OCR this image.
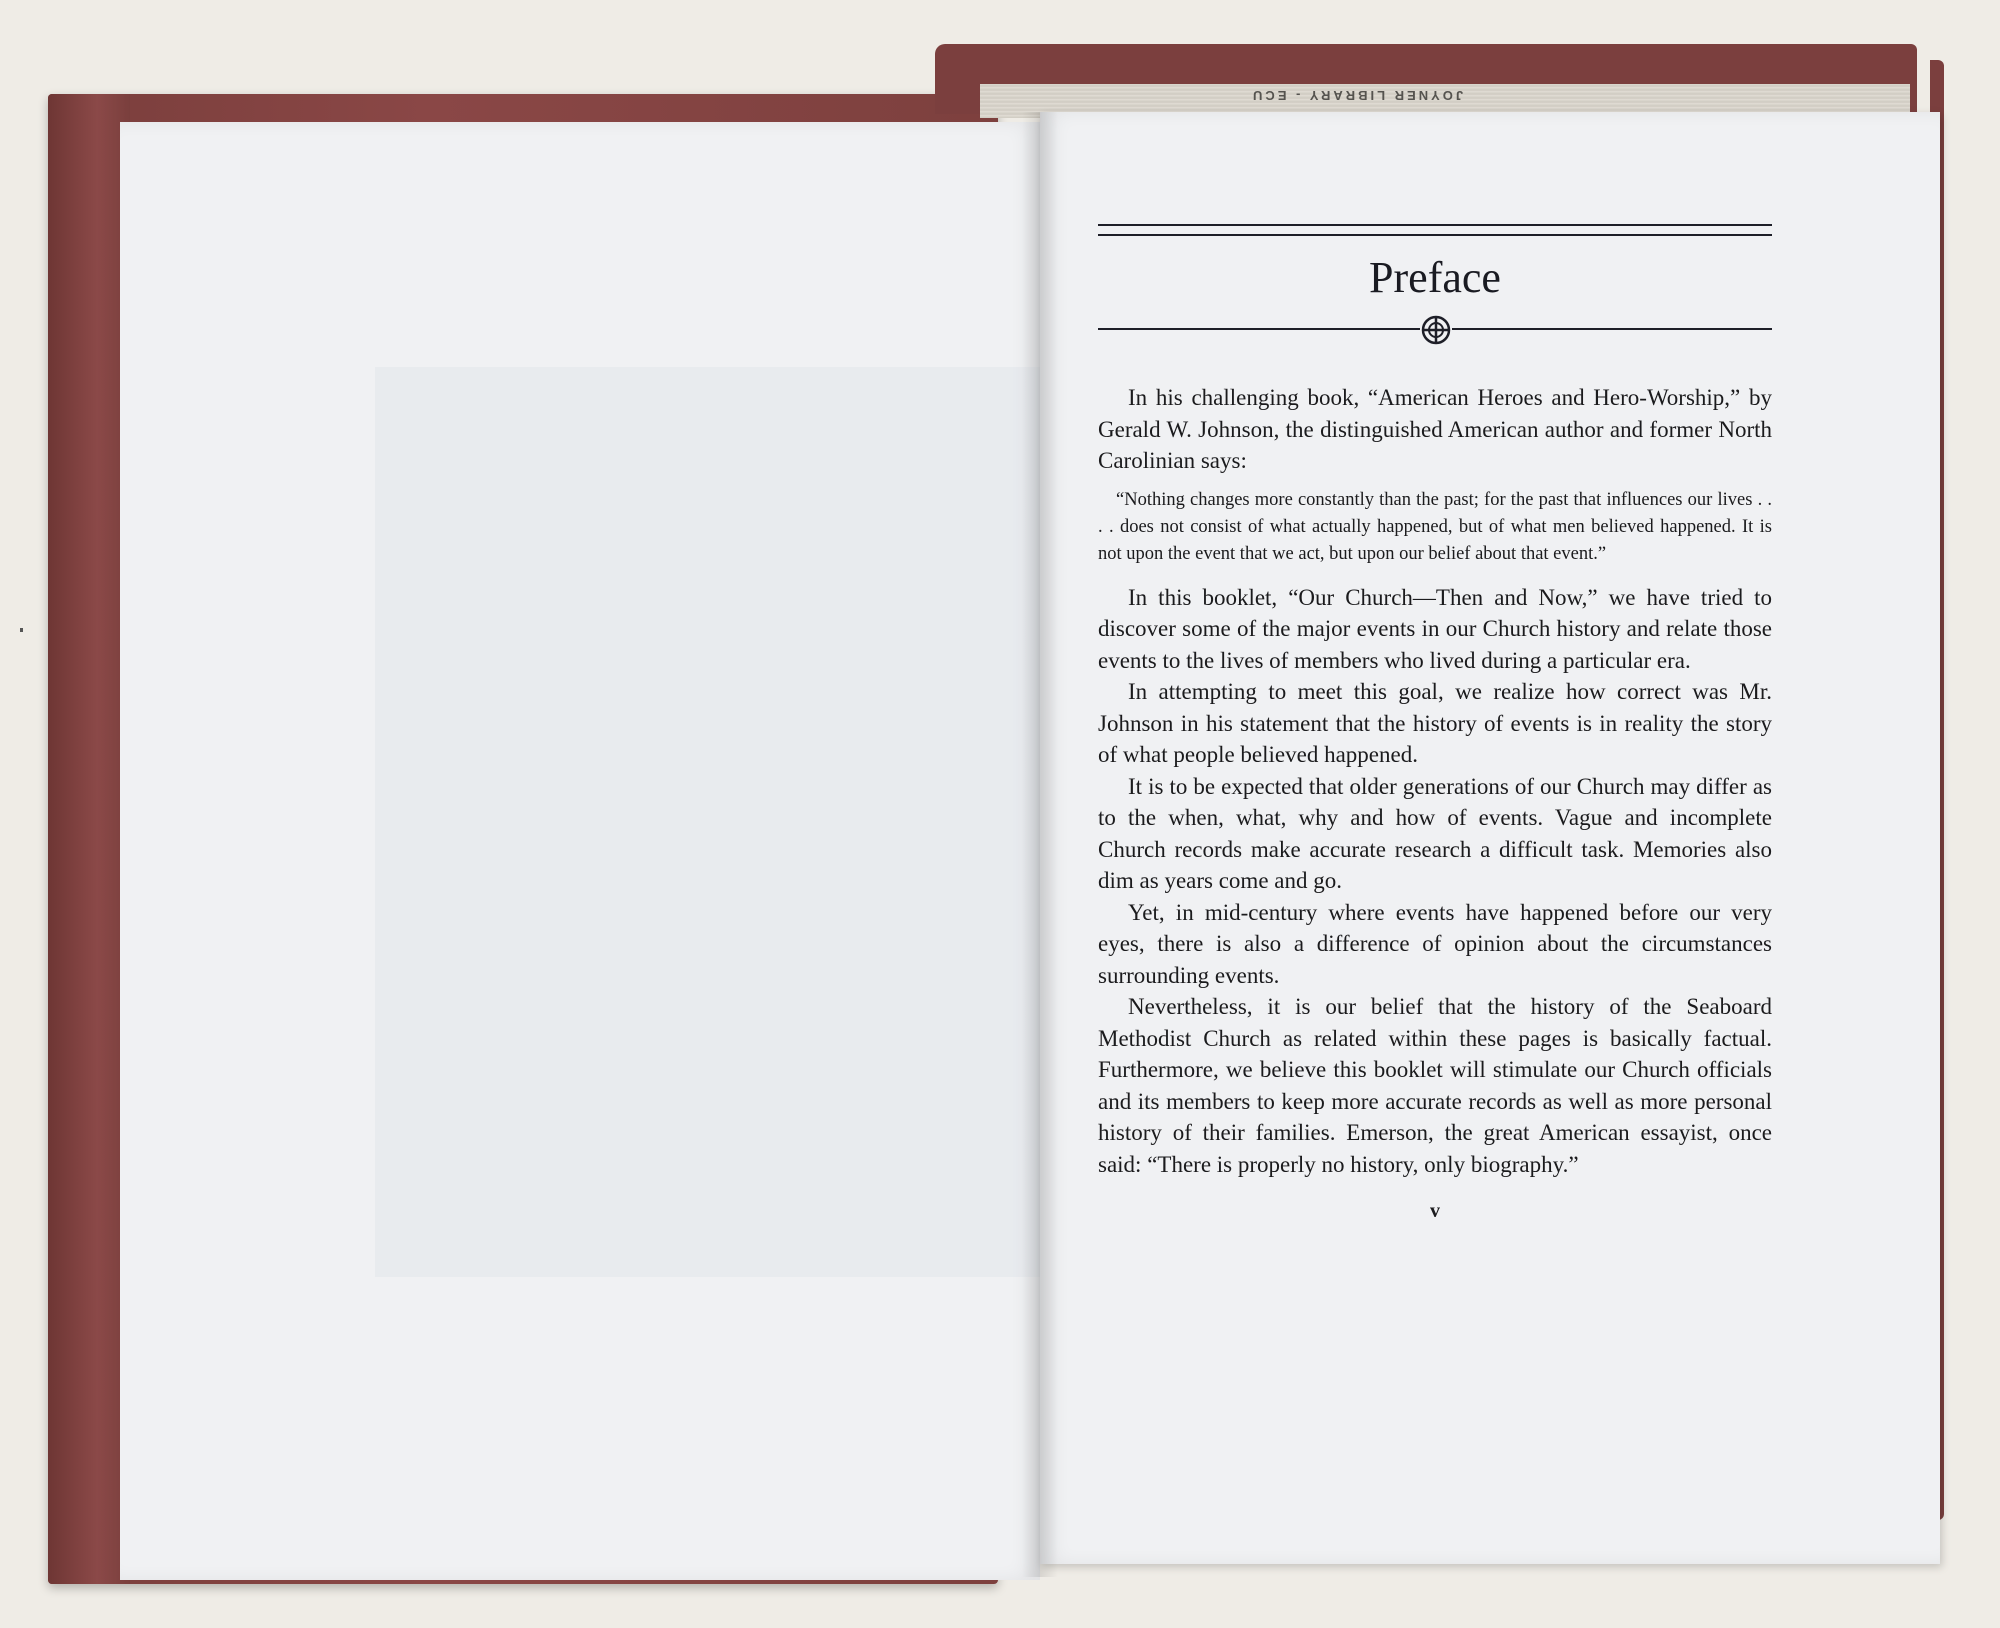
JOYNER LIBRARY - ECU
Preface

In his challenging book, “American Heroes and Hero-Worship,” by Gerald W. Johnson, the distinguished American author and former North Carolinian says:

“Nothing changes more constantly than the past; for the past that influences our lives . . . . does not consist of what actually happened, but of what men believed happened. It is not upon the event that we act, but upon our belief about that event.”

In this booklet, “Our Church—Then and Now,” we have tried to discover some of the major events in our Church history and relate those events to the lives of members who lived during a particular era.

In attempting to meet this goal, we realize how correct was Mr. Johnson in his statement that the history of events is in reality the story of what people believed happened.

It is to be expected that older generations of our Church may differ as to the when, what, why and how of events. Vague and incomplete Church records make accurate research a difficult task. Memories also dim as years come and go.

Yet, in mid-century where events have happened before our very eyes, there is also a difference of opinion about the circumstances surrounding events.

Nevertheless, it is our belief that the history of the Seaboard Methodist Church as related within these pages is basically factual. Furthermore, we believe this booklet will stimulate our Church officials and its members to keep more accurate records as well as more personal history of their families. Emerson, the great American essayist, once said: “There is properly no history, only biography.”

v
